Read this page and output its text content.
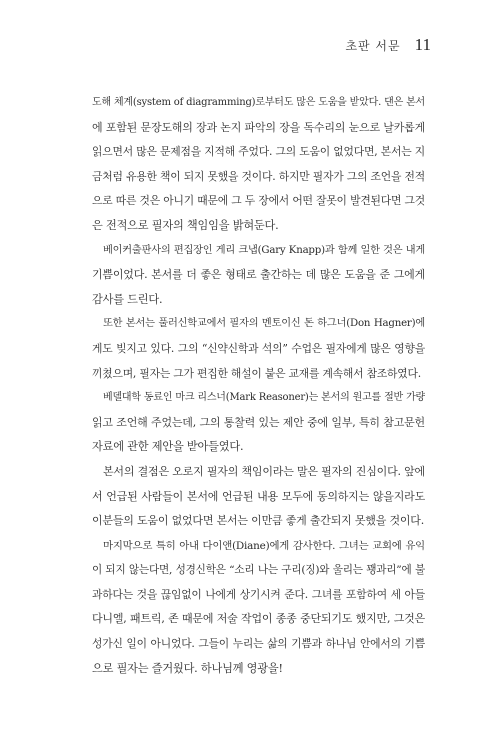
초판 서문 11
도해 체계(system of diagramming)로부터도 많은 도움을 받았다. 댄은 본서
에 포함된 문장도해의 장과 논지 파악의 장을 독수리의 눈으로 날카롭게
읽으면서 많은 문제점을 지적해 주었다. 그의 도움이 없었다면, 본서는 지
금처럼 유용한 책이 되지 못했을 것이다. 하지만 필자가 그의 조언을 전적
으로 따른 것은 아니기 때문에 그 두 장에서 어떤 잘못이 발견된다면 그것
은 전적으로 필자의 책임임을 밝혀둔다.
베이커출판사의 편집장인 게리 크냅(Gary Knapp)과 함께 일한 것은 내게
기쁨이었다. 본서를 더 좋은 형태로 출간하는 데 많은 도움을 준 그에게
감사를 드린다.
또한 본서는 풀러신학교에서 필자의 멘토이신 돈 하그너(Don Hagner)에
게도 빚지고 있다. 그의 “신약신학과 석의” 수업은 필자에게 많은 영향을
끼쳤으며, 필자는 그가 편집한 해설이 붙은 교재를 계속해서 참조하였다.
베델대학 동료인 마크 리스너(Mark Reasoner)는 본서의 원고를 절반 가량
읽고 조언해 주었는데, 그의 통찰력 있는 제안 중에 일부, 특히 참고문헌
자료에 관한 제안을 받아들였다.
본서의 결점은 오로지 필자의 책임이라는 말은 필자의 진심이다. 앞에
서 언급된 사람들이 본서에 언급된 내용 모두에 동의하지는 않을지라도
이분들의 도움이 없었다면 본서는 이만큼 좋게 출간되지 못했을 것이다.
마지막으로 특히 아내 다이앤(Diane)에게 감사한다. 그녀는 교회에 유익
이 되지 않는다면, 성경신학은 “소리 나는 구리(징)와 울리는 꽹과리”에 불
과하다는 것을 끊임없이 나에게 상기시켜 준다. 그녀를 포함하여 세 아들
다니엘, 패트릭, 존 때문에 저술 작업이 종종 중단되기도 했지만, 그것은
성가신 일이 아니었다. 그들이 누리는 삶의 기쁨과 하나님 안에서의 기쁨
으로 필자는 즐거웠다. 하나님께 영광을!
